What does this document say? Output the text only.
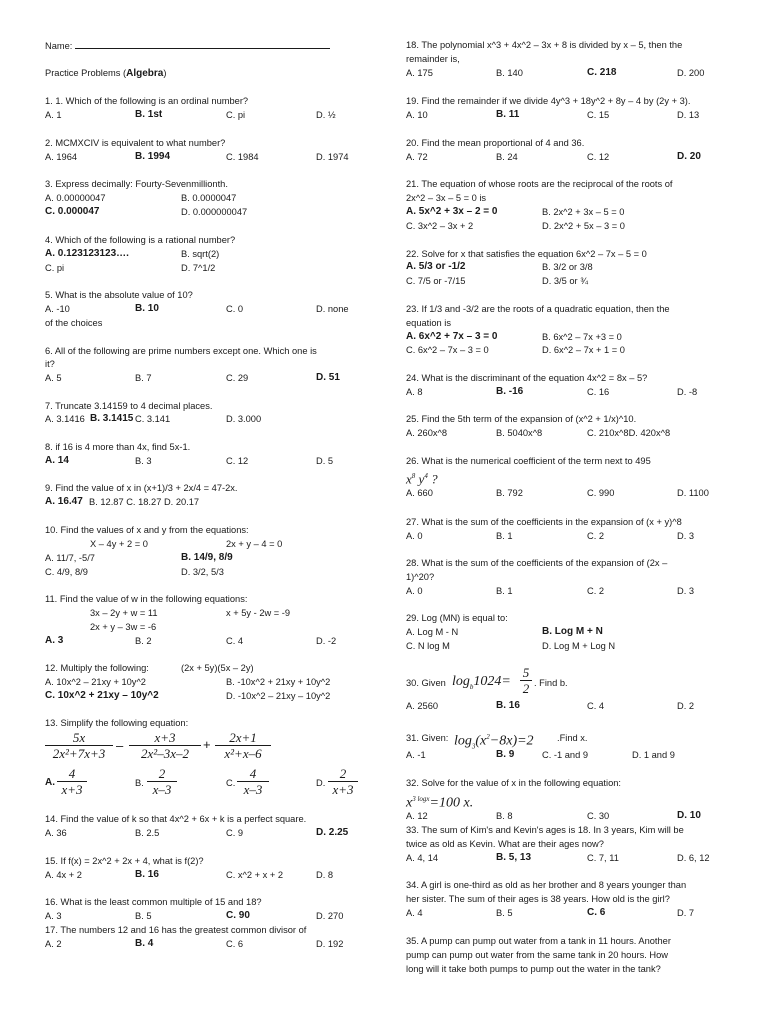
Name:
Practice Problems (Algebra)
1. 1. Which of the following is an ordinal number?
A. 1	B. 1st	C. pi	D. ½
2. MCMXCIV is equivalent to what number?
A. 1964	B. 1994	C. 1984	D. 1974
3. Express decimally: Fourty-Sevenmillionth.
A. 0.00000047	B. 0.0000047
C. 0.000047	D. 0.000000047
4. Which of the following is a rational number?
A. 0.123123123….	B. sqrt(2)
C. pi	D. 7^1/2
5. What is the absolute value of 10?
A. -10	B. 10	C. 0	D. none
of the choices
6. All of the following are prime numbers except one. Which one is
it?
A. 5	B. 7	C. 29	D. 51
7. Truncate 3.14159 to 4 decimal places.
A. 3.1416 B. 3.1415 C. 3.141	D. 3.000
8. if 16 is 4 more than 4x, find 5x-1.
A. 14	B. 3	C. 12	D. 5
9. Find the value of x in (x+1)/3 + 2x/4 = 47-2x.
A. 16.47 B. 12.87 C. 18.27 D. 20.17
10. Find the values of x and y from the equations:
X – 4y + 2 = 0	2x + y – 4 = 0
A. 11/7, -5/7	B. 14/9, 8/9
C. 4/9, 8/9	D. 3/2, 5/3
11. Find the value of w in the following equations:
3x – 2y + w = 11	x + 5y - 2w = -9
2x + y – 3w = -6
A. 3	B. 2	C. 4	D. -2
12. Multiply the following:	(2x + 5y)(5x – 2y)
A. 10x^2 – 21xy + 10y^2	B. -10x^2 + 21xy + 10y^2
C. 10x^2 + 21xy – 10y^2	D. -10x^2 – 21xy – 10y^2
13. Simplify the following equation:
$\frac{5x}{\text{2x²+7x+3}} - \frac{x+3}{\text{2x²–3x–2}} + \frac{2x+1}{\text{x²+x–6}}$
A. $\frac{4}{x+3}$	B. $\frac{2}{x-3}$	C. $\frac{4}{x-3}$	D. $\frac{2}{x+3}$
14. Find the value of k so that 4x^2 + 6x + k is a perfect square.
A. 36	B. 2.5	C. 9	D. 2.25
15. If f(x) = 2x^2 + 2x + 4, what is f(2)?
A. 4x + 2	B. 16	C. x^2 + x + 2	D. 8
16. What is the least common multiple of 15 and 18?
A. 3	B. 5	C. 90	D. 270
17. The numbers 12 and 16 has the greatest common divisor of
A. 2	B. 4	C. 6	D. 192
18. The polynomial x^3 + 4x^2 – 3x + 8 is divided by x – 5, then the
remainder is,
A. 175	B. 140	C. 218	D. 200
19. Find the remainder if we divide 4y^3 + 18y^2 + 8y – 4 by (2y + 3).
A. 10	B. 11	C. 15	D. 13
20. Find the mean proportional of 4 and 36.
A. 72	B. 24	C. 12	D. 20
21. The equation of whose roots are the reciprocal of the roots of
2x^2 – 3x – 5 = 0 is
A. 5x^2 + 3x – 2 = 0	B. 2x^2 + 3x – 5 = 0
C. 3x^2 – 3x + 2	D. 2x^2 + 5x – 3 = 0
22. Solve for x that satisfies the equation 6x^2 – 7x – 5 = 0
A. 5/3 or -1/2	B. 3/2 or 3/8
C. 7/5 or -7/15	D. 3/5 or ¾
23. If 1/3 and -3/2 are the roots of a quadratic equation, then the
equation is
A. 6x^2 + 7x – 3 = 0	B. 6x^2 – 7x +3 = 0
C. 6x^2 – 7x – 3 = 0	D. 6x^2 – 7x + 1 = 0
24. What is the discriminant of the equation 4x^2 = 8x – 5?
A. 8	B. -16	C. 16	D. -8
25. Find the 5th term of the expansion of (x^2 + 1/x)^10.
A. 260x^8	B. 5040x^8	C. 210x^8D. 420x^8
26. What is the numerical coefficient of the term next to 495
$x^8$ $y^4$ ?
A. 660	B. 792	C. 990	D. 1100
27. What is the sum of the coefficients in the expansion of (x + y)^8
A. 0	B. 1	C. 2	D. 3
28. What is the sum of the coefficients of the expansion of (2x –
1)^20?
A. 0	B. 1	C. 2	D. 3
29. Log (MN) is equal to:
A. Log M - N	B. Log M + N
C. N log M	D. Log M + Log N
30. Given $\log_b1024= \frac{5}{2}$ . Find b.
A. 2560	B. 16	C. 4	D. 2
31. Given: $\log_3(x^2-8x)=2$	.Find x.
A. -1	B. 9	C. -1 and 9	D. 1 and 9
32. Solve for the value of x in the following equation:
$x^{3 logx}=100$ x.
A. 12	B. 8	C. 30	D. 10
33. The sum of Kim's and Kevin's ages is 18. In 3 years, Kim will be
twice as old as Kevin. What are their ages now?
A. 4, 14	B. 5, 13	C. 7, 11	D. 6, 12
34. A girl is one-third as old as her brother and 8 years younger than
her sister. The sum of their ages is 38 years. How old is the girl?
A. 4	B. 5	C. 6	D. 7
35. A pump can pump out water from a tank in 11 hours. Another
pump can pump out water from the same tank in 20 hours. How
long will it take both pumps to pump out the water in the tank?
